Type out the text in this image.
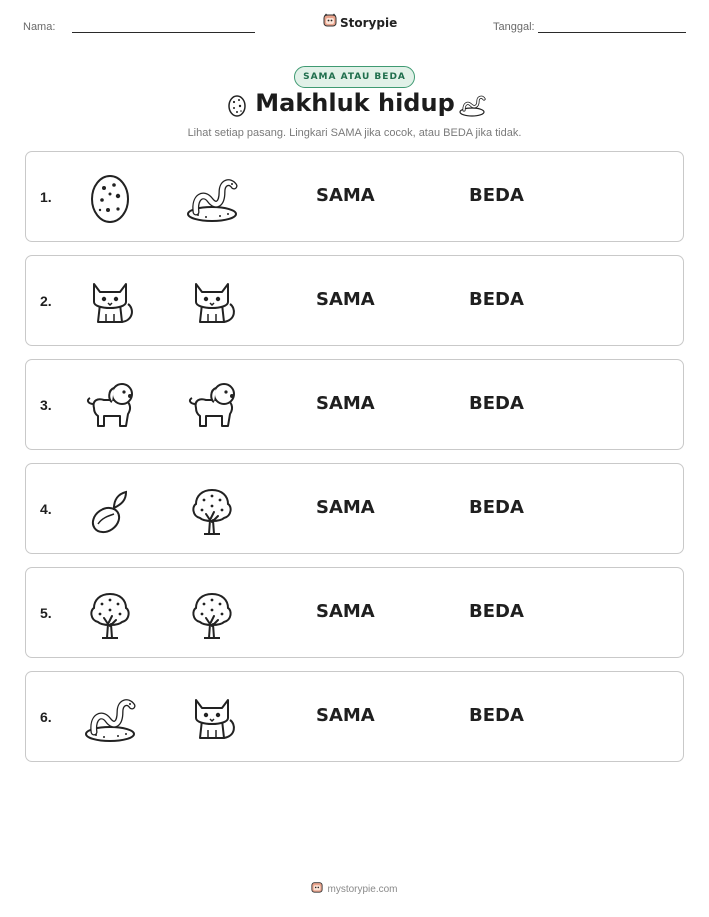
Nama:	Storypie	Tanggal:
SAMA ATAU BEDA
Makhluk hidup
Lihat setiap pasang. Lingkari SAMA jika cocok, atau BEDA jika tidak.
1.	SAMA	BEDA
2.	SAMA	BEDA
3.	SAMA	BEDA
4.	SAMA	BEDA
5.	SAMA	BEDA
6.	SAMA	BEDA
mystorypie.com
